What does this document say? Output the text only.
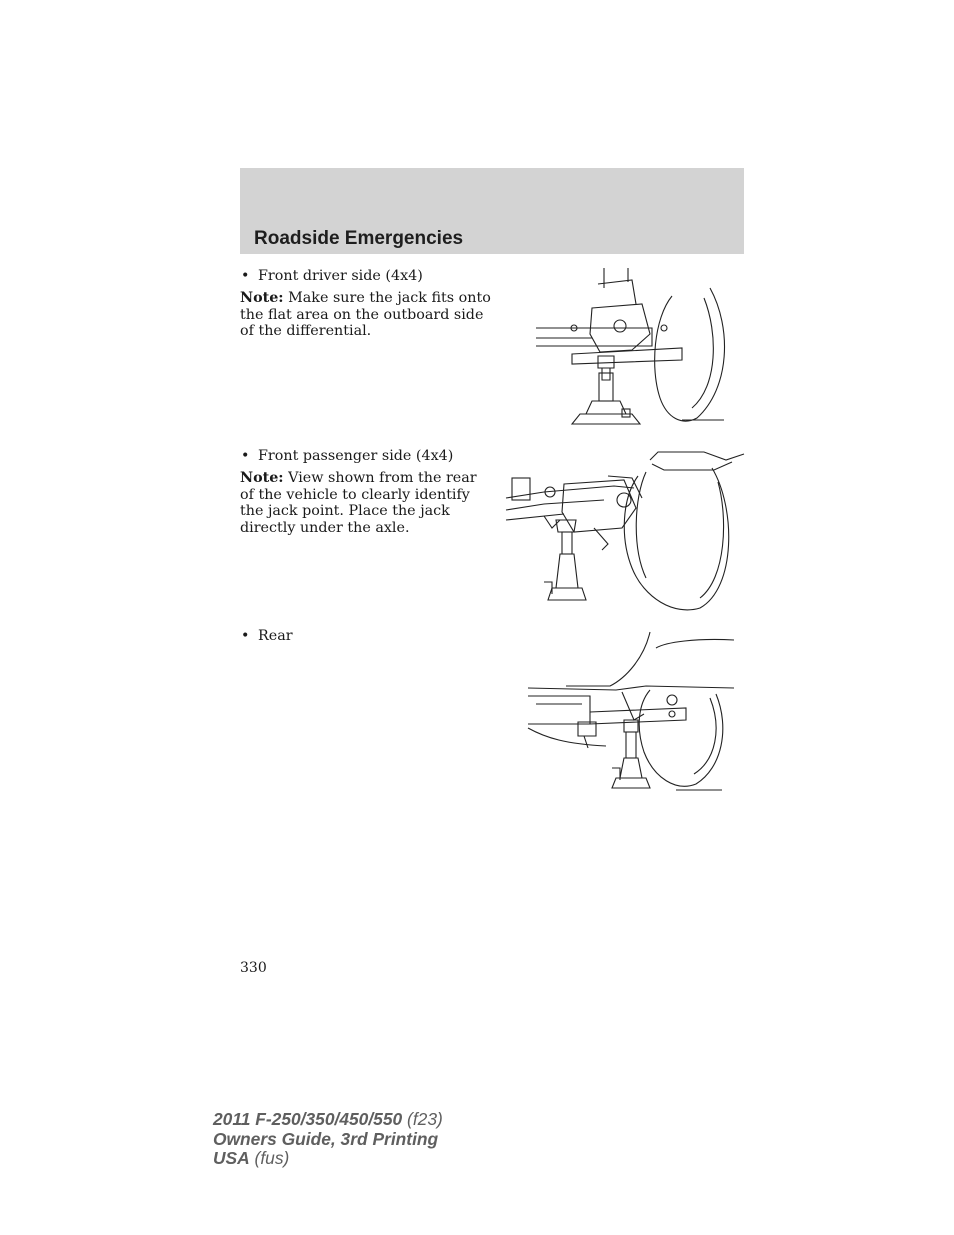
Roadside Emergencies
• Front driver side (4x4)
Note: Make sure the jack fits onto the flat area on the outboard side of the differential.
• Front passenger side (4x4)
Note: View shown from the rear of the vehicle to clearly identify the jack point. Place the jack directly under the axle.
• Rear
330
2011 F-250/350/450/550 (f23)
Owners Guide, 3rd Printing
USA (fus)
